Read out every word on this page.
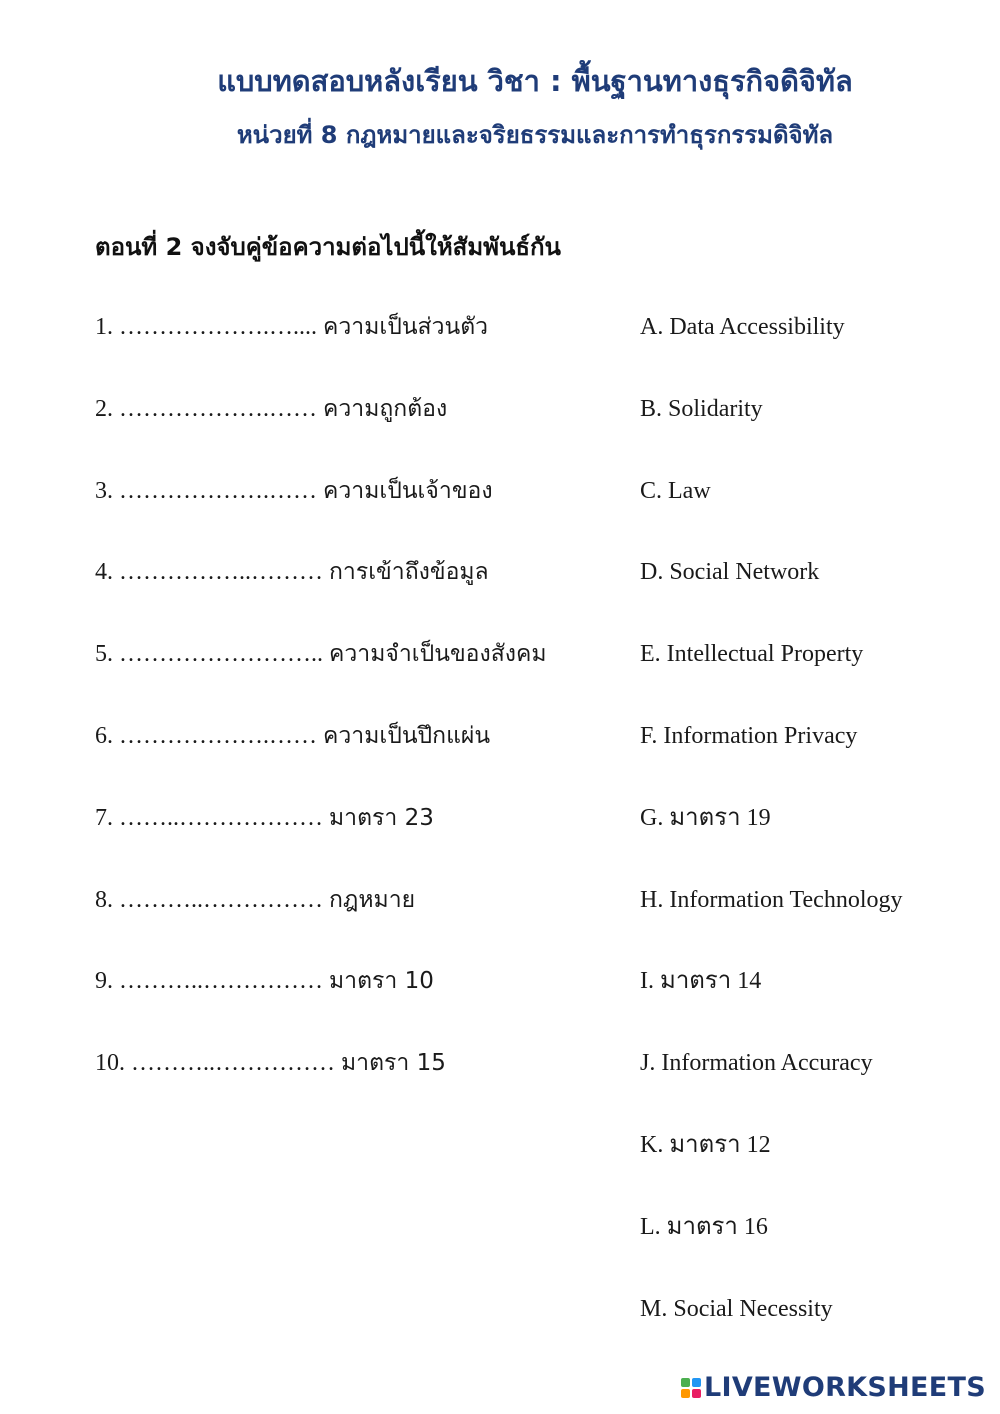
แบบทดสอบหลังเรียน วิชา : พื้นฐานทางธุรกิจดิจิทัล
หน่วยที่ 8 กฎหมายและจริยธรรมและการทำธุรกรรมดิจิทัล
ตอนที่ 2 จงจับคู่ข้อความต่อไปนี้ให้สัมพันธ์กัน
1. ……………….….... ความเป็นส่วนตัว
2. ……………….…… ความถูกต้อง
3. ……………….…… ความเป็นเจ้าของ
4. ……………..……… การเข้าถึงข้อมูล
5. …………………….. ความจำเป็นของสังคม
6. ……………….…… ความเป็นปึกแผ่น
7. ……..……………… มาตรา 23
8. ………..…………… กฎหมาย
9. ………..…………… มาตรา 10
10. ………..…………… มาตรา 15
A. Data Accessibility
B. Solidarity
C. Law
D. Social Network
E. Intellectual Property
F. Information Privacy
G. มาตรา 19
H. Information Technology
I. มาตรา 14
J. Information Accuracy
K. มาตรา 12
L. มาตรา 16
M. Social Necessity
LIVEWORKSHEETS
